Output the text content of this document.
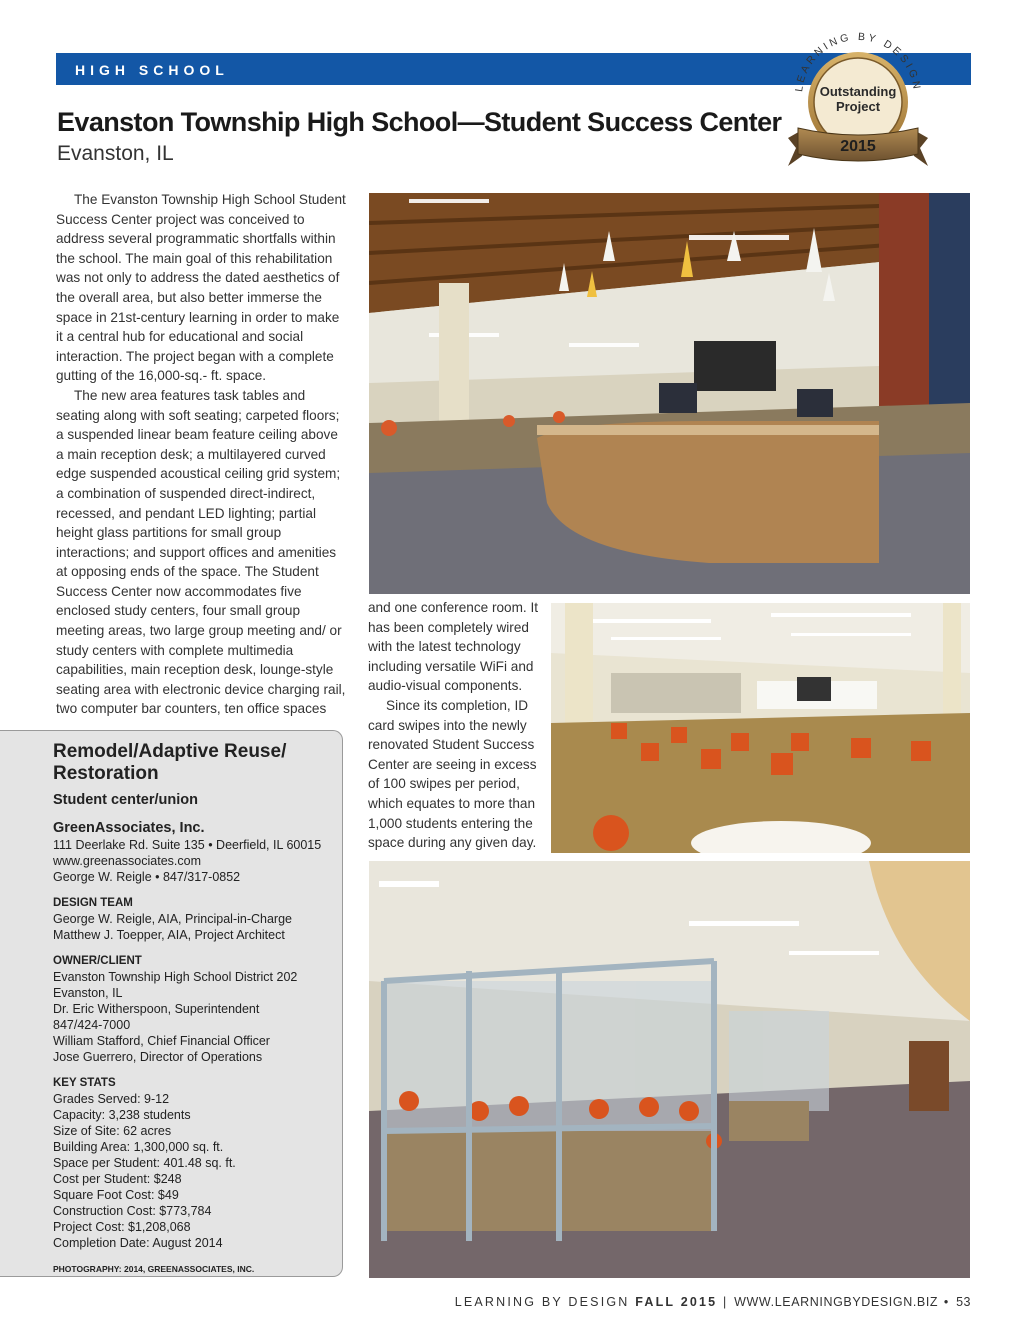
HIGH SCHOOL
Evanston Township High School—Student Success Center
Evanston, IL
LEARNING BY DESIGN
Outstanding
Project
2015

The Evanston Township High School Student Success Center project was conceived to address several programmatic shortfalls within the school. The main goal of this rehabilitation was not only to address the dated aesthetics of the overall area, but also better immerse the space in 21st-century learning in order to make it a central hub for educational and social interaction. The project began with a complete gutting of the 16,000-sq.- ft. space.

The new area features task tables and seating along with soft seating; carpeted floors; a suspended linear beam feature ceiling above a main reception desk; a multilayered curved edge suspended acoustical ceiling grid system; a combination of suspended direct-indirect, recessed, and pendant LED lighting; partial height glass partitions for small group interactions; and support offices and amenities at opposing ends of the space. The Student Success Center now accommodates five enclosed study centers, four small group meeting areas, two large group meeting and/ or study centers with complete multimedia capabilities, main reception desk, lounge-style seating area with electronic device charging rail, two computer bar counters, ten office spaces

and one conference room. It has been completely wired with the latest technology including versatile WiFi and audio-visual components.

Since its completion, ID card swipes into the newly renovated Student Success Center are seeing in excess of 100 swipes per period, which equates to more than 1,000 students entering the space during any given day.

Remodel/Adaptive Reuse/ Restoration
Student center/union
GreenAssociates, Inc.
111 Deerlake Rd. Suite 135 • Deerfield, IL 60015
www.greenassociates.com
George W. Reigle • 847/317-0852
DESIGN TEAM
George W. Reigle, AIA, Principal-in-Charge
Matthew J. Toepper, AIA, Project Architect
OWNER/CLIENT
Evanston Township High School District 202
Evanston, IL
Dr. Eric Witherspoon, Superintendent
847/424-7000
William Stafford, Chief Financial Officer
Jose Guerrero, Director of Operations
KEY STATS
Grades Served: 9-12
Capacity: 3,238 students
Size of Site: 62 acres
Building Area: 1,300,000 sq. ft.
Space per Student: 401.48 sq. ft.
Cost per Student: $248
Square Foot Cost: $49
Construction Cost: $773,784
Project Cost: $1,208,068
Completion Date: August 2014
PHOTOGRAPHY: 2014, GREENASSOCIATES, INC.
LEARNING BY DESIGN FALL 2015 | WWW.LEARNINGBYDESIGN.BIZ • 53
